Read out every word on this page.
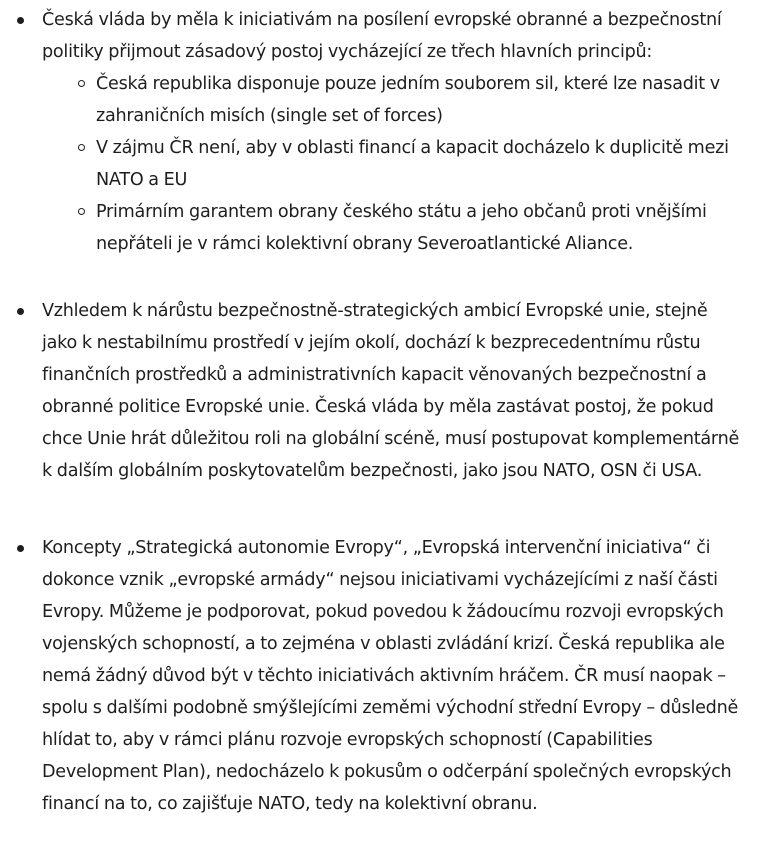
Česká vláda by měla k iniciativám na posílení evropské obranné a bezpečnostní politiky přijmout zásadový postoj vycházející ze třech hlavních principů:
Česká republika disponuje pouze jedním souborem sil, které lze nasadit v zahraničních misích (single set of forces)
V zájmu ČR není, aby v oblasti financí a kapacit docházelo k duplicitě mezi NATO a EU
Primárním garantem obrany českého státu a jeho občanů proti vnějšími nepřáteli je v rámci kolektivní obrany Severoatlantické Aliance.
Vzhledem k nárůstu bezpečnostně-strategických ambicí Evropské unie, stejně jako k nestabilnímu prostředí v jejím okolí, dochází k bezprecedentnímu růstu finančních prostředků a administrativních kapacit věnovaných bezpečnostní a obranné politice Evropské unie. Česká vláda by měla zastávat postoj, že pokud chce Unie hrát důležitou roli na globální scéně, musí postupovat komplementárně k dalším globálním poskytovatelům bezpečnosti, jako jsou NATO, OSN či USA.
Koncepty „Strategická autonomie Evropy“, „Evropská intervenční iniciativa“ či dokonce vznik „evropské armády“ nejsou iniciativami vycházejícími z naší části Evropy. Můžeme je podporovat, pokud povedou k žádoucímu rozvoji evropských vojenských schopností, a to zejména v oblasti zvládání krizí. Česká republika ale nemá žádný důvod být v těchto iniciativách aktivním hráčem. ČR musí naopak –spolu s dalšími podobně smýšlejícími zeměmi východní střední Evropy – důsledně hlídat to, aby v rámci plánu rozvoje evropských schopností (Capabilities Development Plan), nedocházelo k pokusům o odčerpání společných evropských financí na to, co zajišťuje NATO, tedy na kolektivní obranu.
